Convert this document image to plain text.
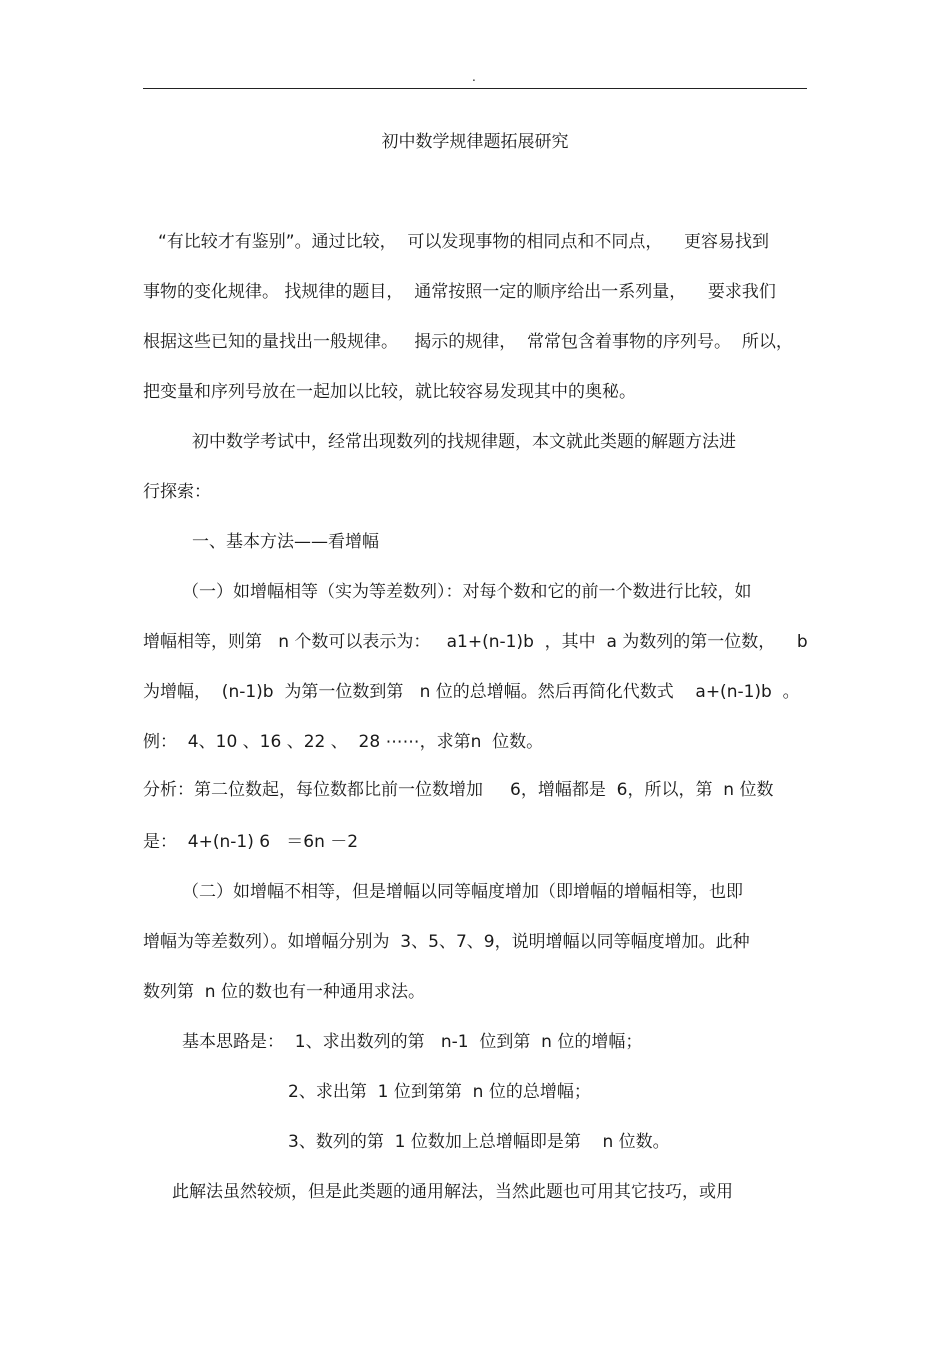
.
初中数学规律题拓展研究
“有比较才有鉴别”。通过比较，  可以发现事物的相同点和不同点，    更容易找到
事物的变化规律。 找规律的题目，  通常按照一定的顺序给出一系列量，    要求我们
根据这些已知的量找出一般规律。   揭示的规律，  常常包含着事物的序列号。  所以，
把变量和序列号放在一起加以比较，就比较容易发现其中的奥秘。
初中数学考试中，经常出现数列的找规律题，本文就此类题的解题方法进
行探索：
一、基本方法——看增幅
（一）如增幅相等（实为等差数列）：对每个数和它的前一个数进行比较，如
增幅相等，则第   n 个数可以表示为：   a1+(n-1)b  ，其中  a 为数列的第一位数，    b
为增幅，  (n-1)b  为第一位数到第   n 位的总增幅。然后再简化代数式    a+(n-1)b  。
例：  4、10 、16 、22 、  28 ⋯⋯，求第n  位数。
分析：第二位数起，每位数都比前一位数增加     6，增幅都是  6，所以，第  n 位数
是：  4+(n-1) 6   ＝6n －2
（二）如增幅不相等，但是增幅以同等幅度增加（即增幅的增幅相等，也即
增幅为等差数列）。如增幅分别为  3、5、7、9，说明增幅以同等幅度增加。此种
数列第  n 位的数也有一种通用求法。
基本思路是：  1、求出数列的第   n-1  位到第  n 位的增幅；
2、求出第  1 位到第第  n 位的总增幅；
3、数列的第  1 位数加上总增幅即是第    n 位数。
此解法虽然较烦，但是此类题的通用解法，当然此题也可用其它技巧，或用
